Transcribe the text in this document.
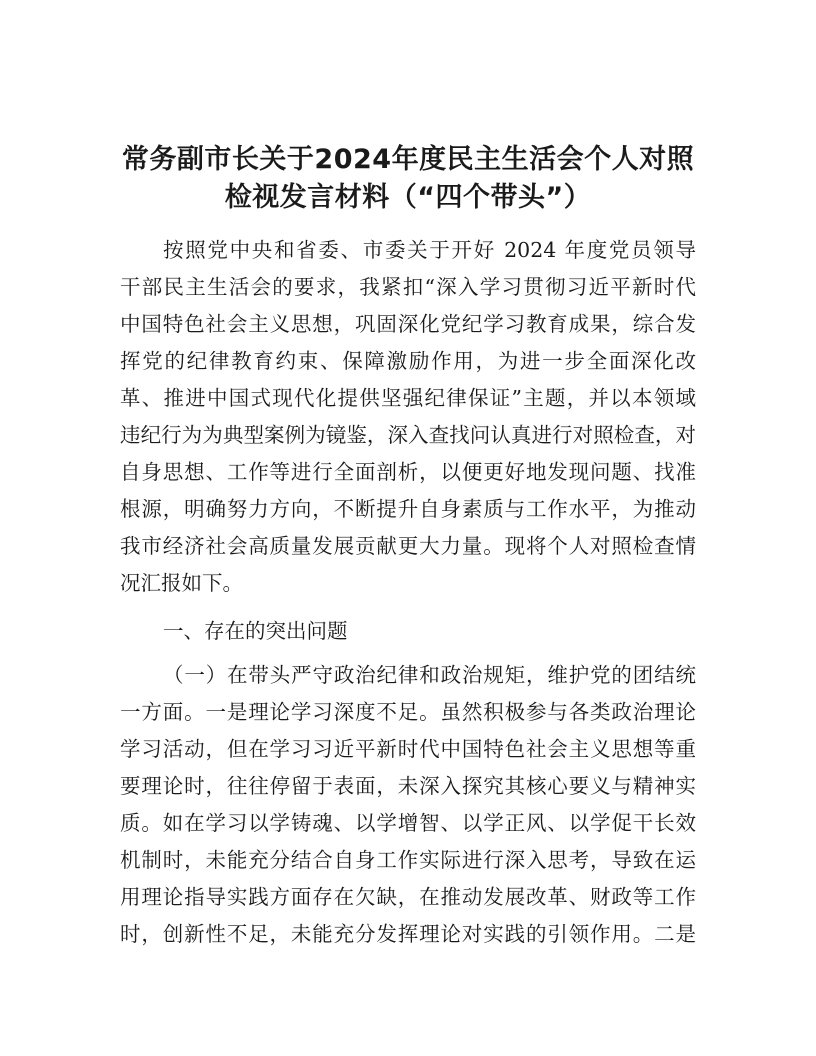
常务副市长关于2024年度民主生活会个人对照
检视发言材料（“四个带头”）
按照党中央和省委、市委关于开好 2024 年度党员领导
干部民主生活会的要求，我紧扣“深入学习贯彻习近平新时代
中国特色社会主义思想，巩固深化党纪学习教育成果，综合发
挥党的纪律教育约束、保障激励作用，为进一步全面深化改
革、推进中国式现代化提供坚强纪律保证”主题，并以本领域
违纪行为为典型案例为镜鉴，深入查找问认真进行对照检查，对
自身思想、工作等进行全面剖析，以便更好地发现问题、找准
根源，明确努力方向，不断提升自身素质与工作水平，为推动
我市经济社会高质量发展贡献更大力量。现将个人对照检查情
况汇报如下。
一、存在的突出问题
（一）在带头严守政治纪律和政治规矩，维护党的团结统
一方面。一是理论学习深度不足。虽然积极参与各类政治理论
学习活动，但在学习习近平新时代中国特色社会主义思想等重
要理论时，往往停留于表面，未深入探究其核心要义与精神实
质。如在学习以学铸魂、以学增智、以学正风、以学促干长效
机制时，未能充分结合自身工作实际进行深入思考，导致在运
用理论指导实践方面存在欠缺，在推动发展改革、财政等工作
时，创新性不足，未能充分发挥理论对实践的引领作用。二是
